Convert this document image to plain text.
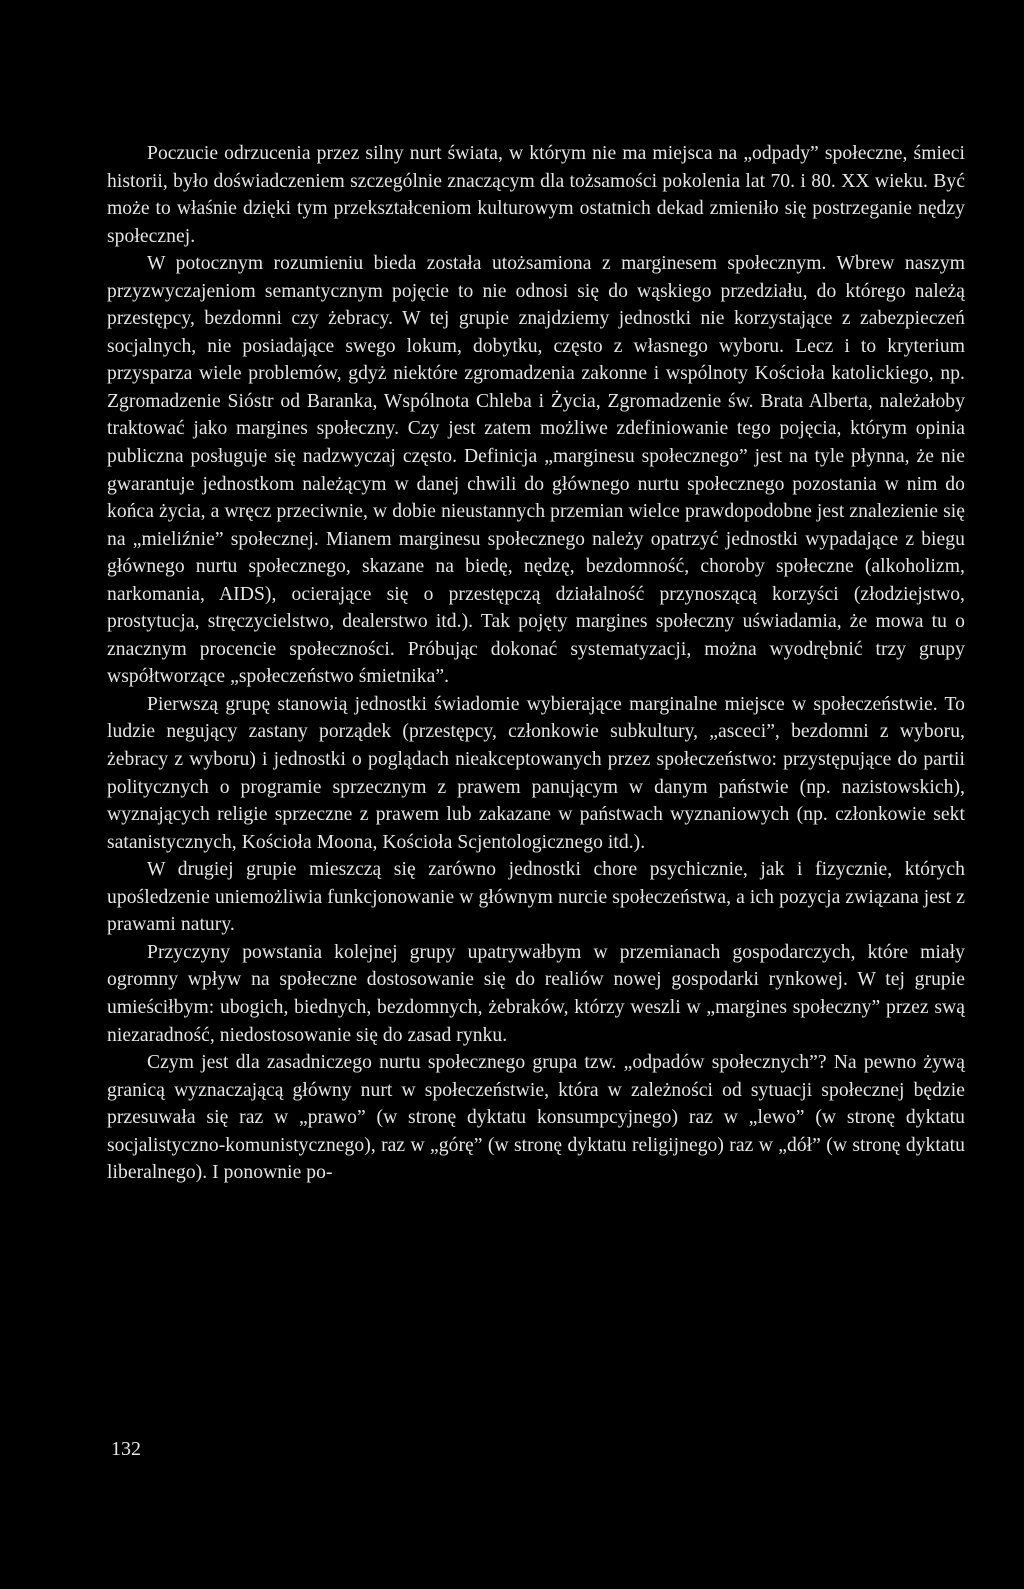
Poczucie odrzucenia przez silny nurt świata, w którym nie ma miejsca na „odpady” społeczne, śmieci historii, było doświadczeniem szczególnie znaczącym dla tożsamości pokolenia lat 70. i 80. XX wieku. Być może to właśnie dzięki tym przekształceniom kulturowym ostatnich dekad zmieniło się postrzeganie nędzy społecznej.

W potocznym rozumieniu bieda została utożsamiona z marginesem społecznym. Wbrew naszym przyzwyczajeniom semantycznym pojęcie to nie odnosi się do wąskiego przedziału, do którego należą przestępcy, bezdomni czy żebracy. W tej grupie znajdziemy jednostki nie korzystające z zabezpieczeń socjalnych, nie posiadające swego lokum, dobytku, często z własnego wyboru. Lecz i to kryterium przysparza wiele problemów, gdyż niektóre zgromadzenia zakonne i wspólnoty Kościoła katolickiego, np. Zgromadzenie Sióstr od Baranka, Wspólnota Chleba i Życia, Zgromadzenie św. Brata Alberta, należałoby traktować jako margines społeczny. Czy jest zatem możliwe zdefiniowanie tego pojęcia, którym opinia publiczna posługuje się nadzwyczaj często. Definicja „marginesu społecznego” jest na tyle płynna, że nie gwarantuje jednostkom należącym w danej chwili do głównego nurtu społecznego pozostania w nim do końca życia, a wręcz przeciwnie, w dobie nieustannych przemian wielce prawdopodobne jest znalezienie się na „mieliźnie” społecznej. Mianem marginesu społecznego należy opatrzyć jednostki wypadające z biegu głównego nurtu społecznego, skazane na biedę, nędzę, bezdomność, choroby społeczne (alkoholizm, narkomania, AIDS), ocierające się o przestępczą działalność przynoszącą korzyści (złodziejstwo, prostytucja, stręczycielstwo, dealerstwo itd.). Tak pojęty margines społeczny uświadamia, że mowa tu o znacznym procencie społeczności. Próbując dokonać systematyzacji, można wyodrębnić trzy grupy współtworzące „społeczeństwo śmietnika”.

Pierwszą grupę stanowią jednostki świadomie wybierające marginalne miejsce w społeczeństwie. To ludzie negujący zastany porządek (przestępcy, członkowie subkultury, „asceci”, bezdomni z wyboru, żebracy z wyboru) i jednostki o poglądach nieakceptowanych przez społeczeństwo: przystępujące do partii politycznych o programie sprzecznym z prawem panującym w danym państwie (np. nazistowskich), wyznających religie sprzeczne z prawem lub zakazane w państwach wyznaniowych (np. członkowie sekt satanistycznych, Kościoła Moona, Kościoła Scjentologicznego itd.).

W drugiej grupie mieszczą się zarówno jednostki chore psychicznie, jak i fizycznie, których upośledzenie uniemożliwia funkcjonowanie w głównym nurcie społeczeństwa, a ich pozycja związana jest z prawami natury.

Przyczyny powstania kolejnej grupy upatrywałbym w przemianach gospodarczych, które miały ogromny wpływ na społeczne dostosowanie się do realiów nowej gospodarki rynkowej. W tej grupie umieściłbym: ubogich, biednych, bezdomnych, żebraków, którzy weszli w „margines społeczny” przez swą niezaradność, niedostosowanie się do zasad rynku.

Czym jest dla zasadniczego nurtu społecznego grupa tzw. „odpadów społecznych”? Na pewno żywą granicą wyznaczającą główny nurt w społeczeństwie, która w zależności od sytuacji społecznej będzie przesuwała się raz w „prawo” (w stronę dyktatu konsumpcyjnego) raz w „lewo” (w stronę dyktatu socjalistyczno-komunistycznego), raz w „górę” (w stronę dyktatu religijnego) raz w „dół” (w stronę dyktatu liberalnego). I ponownie po-

132
